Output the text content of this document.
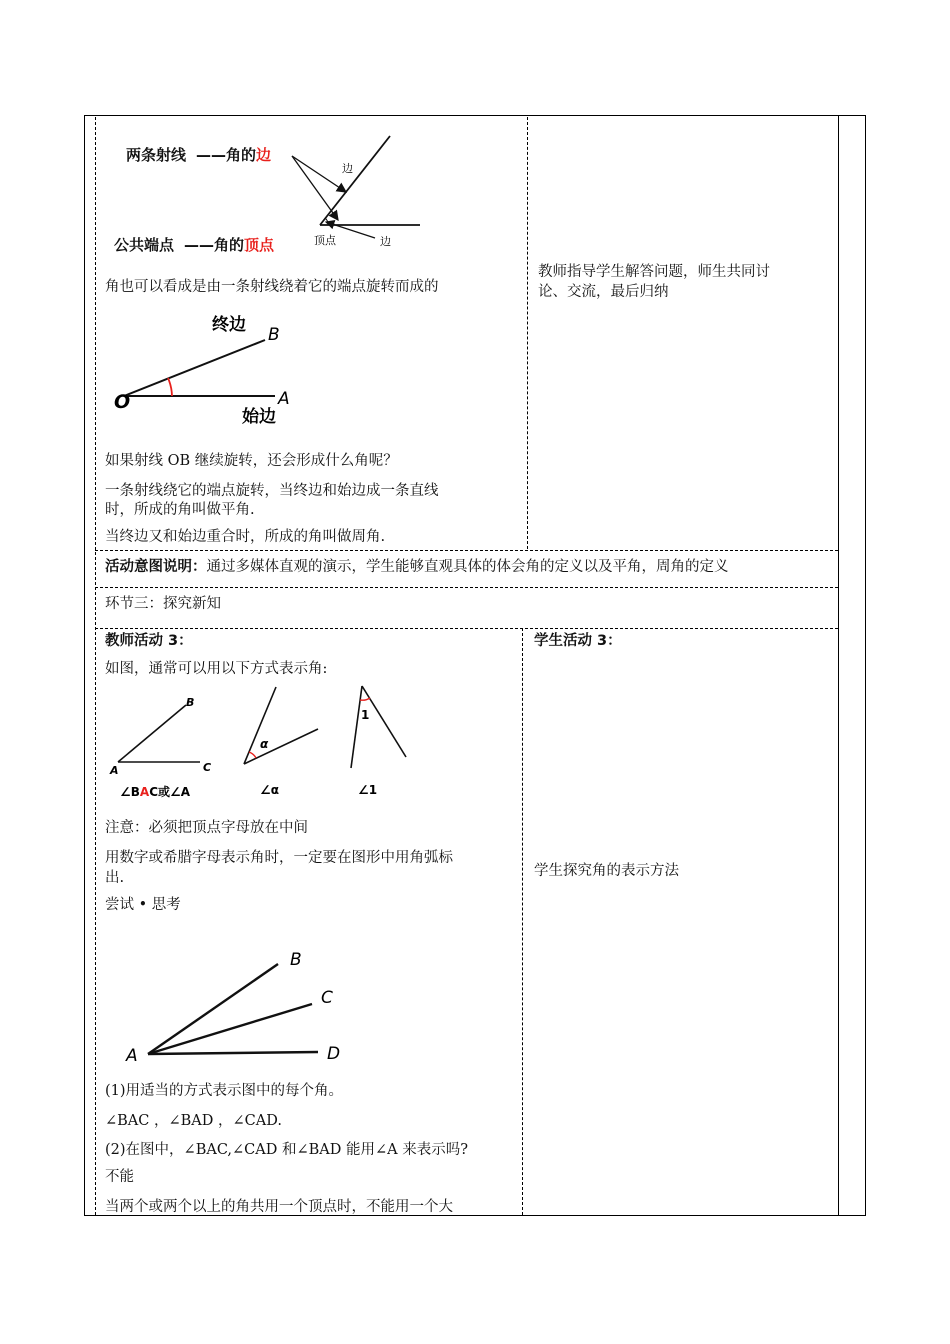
两条射线 ——角的边
公共端点 ——角的顶点
边
顶点	边
角也可以看成是由一条射线绕着它的端点旋转而成的
终边 B
O	A
始边
如果射线 OB 继续旋转，还会形成什么角呢？
一条射线绕它的端点旋转，当终边和始边成一条直线
时，所成的角叫做平角.
当终边又和始边重合时，所成的角叫做周角.
教师指导学生解答问题，师生共同讨
论、交流，最后归纳
活动意图说明：通过多媒体直观的演示，学生能够直观具体的体会角的定义以及平角，周角的定义
环节三：探究新知
教师活动 3：	学生活动 3：
如图，通常可以用以下方式表示角:
B
A	C
∠BAC或∠A
α
∠α
1
∠1
注意：必须把顶点字母放在中间
用数字或希腊字母表示角时，一定要在图形中用角弧标
出.
尝试 • 思考
学生探究角的表示方法
B
C
D
A
(1)用适当的方式表示图中的每个角。
∠BAC ，∠BAD ，∠CAD.
(2)在图中，∠BAC,∠CAD 和∠BAD 能用∠A 来表示吗?
不能
当两个或两个以上的角共用一个顶点时，不能用一个大
